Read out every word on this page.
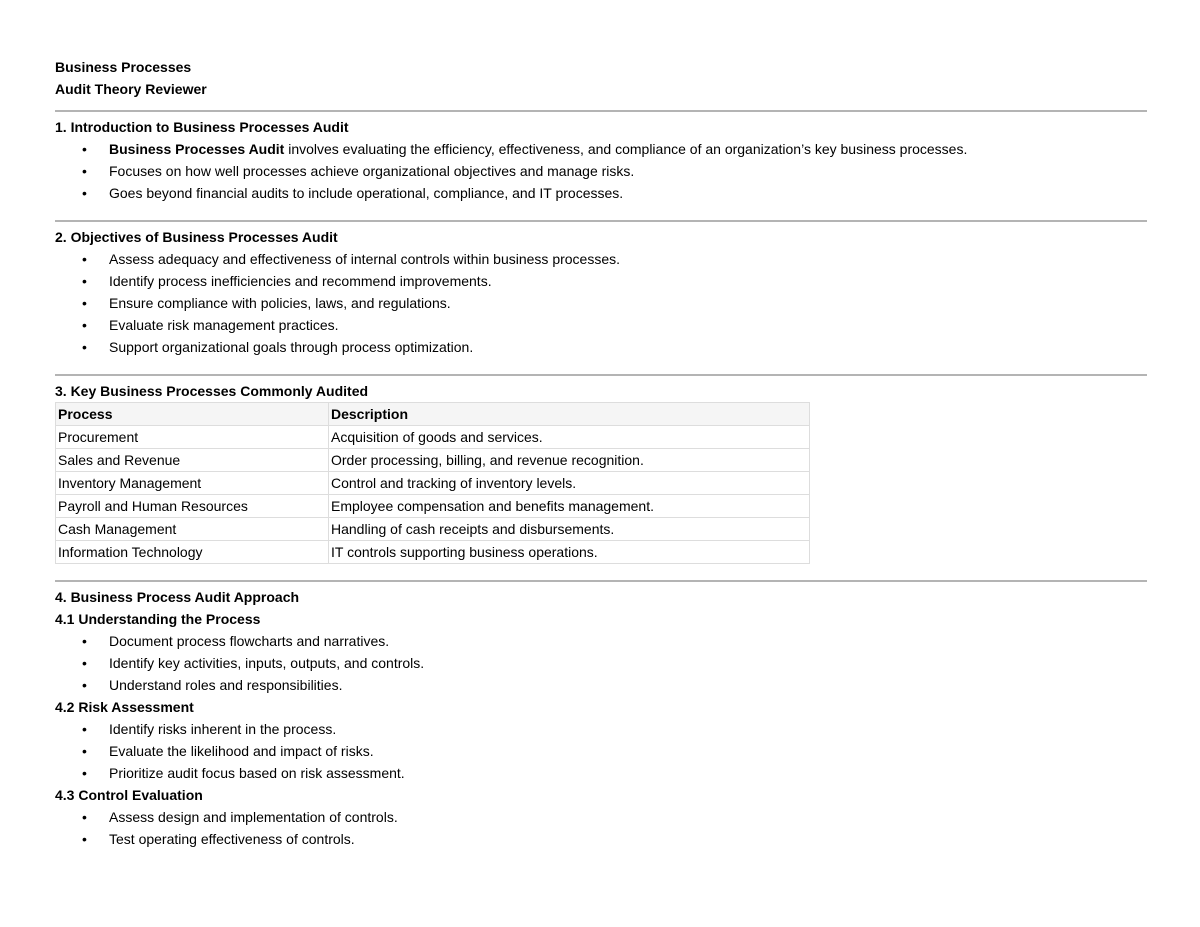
Business Processes
Audit Theory Reviewer
1. Introduction to Business Processes Audit
• Business Processes Audit involves evaluating the efficiency, effectiveness, and compliance of an organization’s key business processes.
• Focuses on how well processes achieve organizational objectives and manage risks.
• Goes beyond financial audits to include operational, compliance, and IT processes.
2. Objectives of Business Processes Audit
• Assess adequacy and effectiveness of internal controls within business processes.
• Identify process inefficiencies and recommend improvements.
• Ensure compliance with policies, laws, and regulations.
• Evaluate risk management practices.
• Support organizational goals through process optimization.
3. Key Business Processes Commonly Audited
Process	Description
Procurement	Acquisition of goods and services.
Sales and Revenue	Order processing, billing, and revenue recognition.
Inventory Management	Control and tracking of inventory levels.
Payroll and Human Resources	Employee compensation and benefits management.
Cash Management	Handling of cash receipts and disbursements.
Information Technology	IT controls supporting business operations.
4. Business Process Audit Approach
4.1 Understanding the Process
• Document process flowcharts and narratives.
• Identify key activities, inputs, outputs, and controls.
• Understand roles and responsibilities.
4.2 Risk Assessment
• Identify risks inherent in the process.
• Evaluate the likelihood and impact of risks.
• Prioritize audit focus based on risk assessment.
4.3 Control Evaluation
• Assess design and implementation of controls.
• Test operating effectiveness of controls.
